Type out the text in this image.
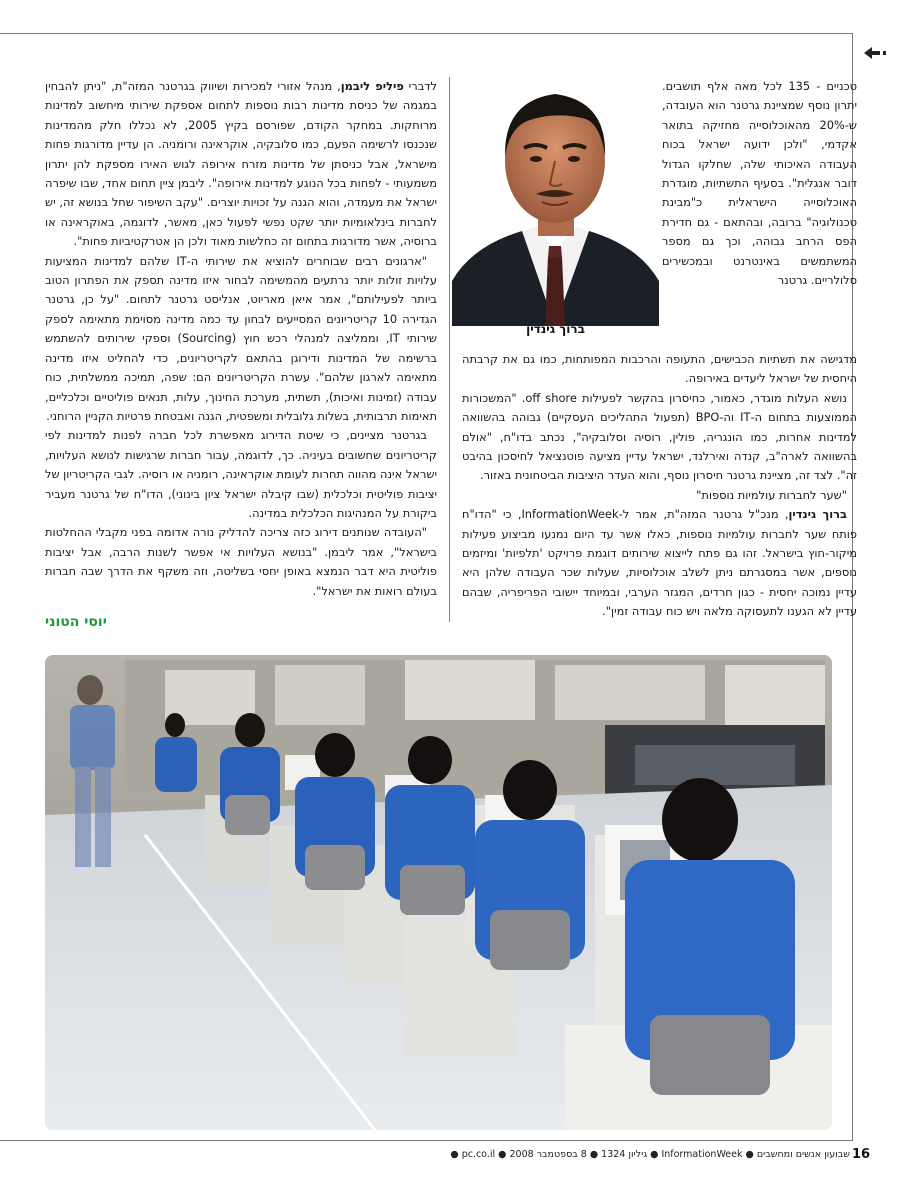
טכניים - 135 לכל מאה אלף תושבים. יתרון נוסף שמציינת גרטנר הוא העובדה, ש-20% מהאוכלוסייה מחזיקה בתואר אקדמי, "ולכן ידועה ישראל בכוח העבודה האיכותי שלה, שחלקו הגדול דובר אנגלית". בסעיף התשתיות, מוגדרת האוכלוסייה הישראלית כ"מבינת טכנולוגיה" ברובה, ובהתאם - גם חדירת הפס הרחב גבוהה, וכך גם מספר המשתמשים באינטרנט ובמכשירים סלולריים. גרטנר

ברוך גינדין

מדגישה את תשתיות הכבישים, התעופה והרכבות המפותחות, כמו גם את קרבתה היחסית של ישראל ליעדים באירופה.

נושא העלות מוגדר, כאמור, כחיסרון בהקשר לפעילות off shore. "המשכורות הממוצעות בתחום ה-IT וה-BPO (תפעול התהליכים העסקיים) גבוהה בהשוואה למדינות אחרות, כמו הונגריה, פולין, רוסיה וסלובקיה", נכתב בדו"ח, "אולם בהשוואה לארה"ב, קנדה ואירלנד, ישראל עדיין מציעה פוטנציאל לחיסכון בהיבט זה". לצד זה, מציינת גרטנר חיסרון נוסף, והוא העדר היציבות הביטחונית באזור.

"שער לחברות עולמיות נוספות"

ברוך גינדין, מנכ"ל גרטנר המזה"ת, אמר ל-InformationWeek, כי "הדו"ח פותח שער לחברות עולמיות נוספות, כאלו אשר עד היום נמנעו מביצוע פעילות מיקור-חוץ בישראל. זהו גם פתח לייצוא שירותים דוגמת פרויקט 'תלפיות' ומיזמים נוספים, אשר במסגרתם ניתן לשלב אוכלוסיות, שעלות שכר העבודה שלהן היא עדיין נמוכה יחסית - כגון חרדים, המגזר הערבי, ובמיוחד יישובי הפריפריה, שבהם עדיין לא הגענו לתעסוקה מלאה ויש כוח עבודה זמין".

לדברי פיליפ ליבמן, מנהל אזורי למכירות ושיווק בגרטנר המזה"ת, "ניתן להבחין במגמה של כניסת מדינות רבות נוספות לתחום אספקת שירותי מיחשוב למדינות מרוחקות. במחקר הקודם, שפורסם בקיץ 2005, לא נכללו חלק מהמדינות שנכנסו לרשימה הפעם, כמו סלובקיה, אוקראינה ורומניה. הן עדיין מדורגות פחות מישראל, אבל כניסתן של מדינות מזרח אירופה לגוש האירו מספקת להן יתרון משמעותי - לפחות בכל הנוגע למדינות אירופה". ליבמן ציין תחום אחד, שבו שיפרה ישראל את מעמדה, והוא הגנה על זכויות יוצרים. "עקב השיפור שחל בנושא זה, יש לחברות בינלאומיות יותר שקט נפשי לפעול כאן, מאשר, לדוגמה, באוקראינה או ברוסיה, אשר מדורגות בתחום זה כחלשות מאוד ולכן הן אטרקטיביות פחות".

"ארגונים רבים שבוחרים להוציא את שירותי ה-IT שלהם למדינות המציעות עלויות זולות יותר נרתעים מהמשימה לבחור איזו מדינה תספק את הפתרון הטוב ביותר לפעילותם", אמר איאן מאריוט, אנליסט גרטנר לתחום. "על כן, גרטנר הגדירה 10 קריטריונים המסייעים לבחון עד כמה מדינה מסוימת מתאימה לספק שירותי IT, וממליצה למנהלי רכש חוץ (Sourcing) וספקי שירותים להשתמש ברשימה של המדינות ודירוגן בהתאם לקריטריונים, כדי להחליט איזו מדינה מתאימה לארגון שלהם". עשרת הקריטריונים הם: שפה, תמיכה ממשלתית, כוח עבודה (זמינות ואיכות), תשתית, מערכת החינוך, עלות, תנאים פוליטיים וכלכליים, תאימות תרבותית, בשלות גלובלית ומשפטית, הגנה ואבטחת פרטיות הקניין הרוחני.

בגרטנר מציינים, כי שיטת הדירוג מאפשרת לכל חברה לפנות למדינות לפי קריטריונים שחשובים בעיניה. כך, לדוגמה, עבור חברות שרגישות לנושא העלויות, ישראל אינה מהווה תחרות לעומת אוקראינה, רומניה או רוסיה. לגבי הקריטריון של יציבות פוליטית וכלכלית (שבו קיבלה ישראל ציון בינוני), הדו"ח של גרטנר מעביר ביקורת על המנהיגות הכלכלית במדינה.

"העובדה שנותנים דירוג כזה צריכה להדליק נורה אדומה בפני מקבלי ההחלטות בישראל", אמר ליבמן. "בנושא העלויות אי אפשר לשנות הרבה, אבל יציבות פוליטית היא דבר הנמצא באופן יחסי בשליטה, וזה משקף את הדרך שבה חברות בעולם רואות את ישראל".

יוסי הטוני
שבועון אנשים ומחשבים ● InformationWeek ● גיליון 1324 ● 8 בספטמבר 2008 ● pc.co.il ● 16
